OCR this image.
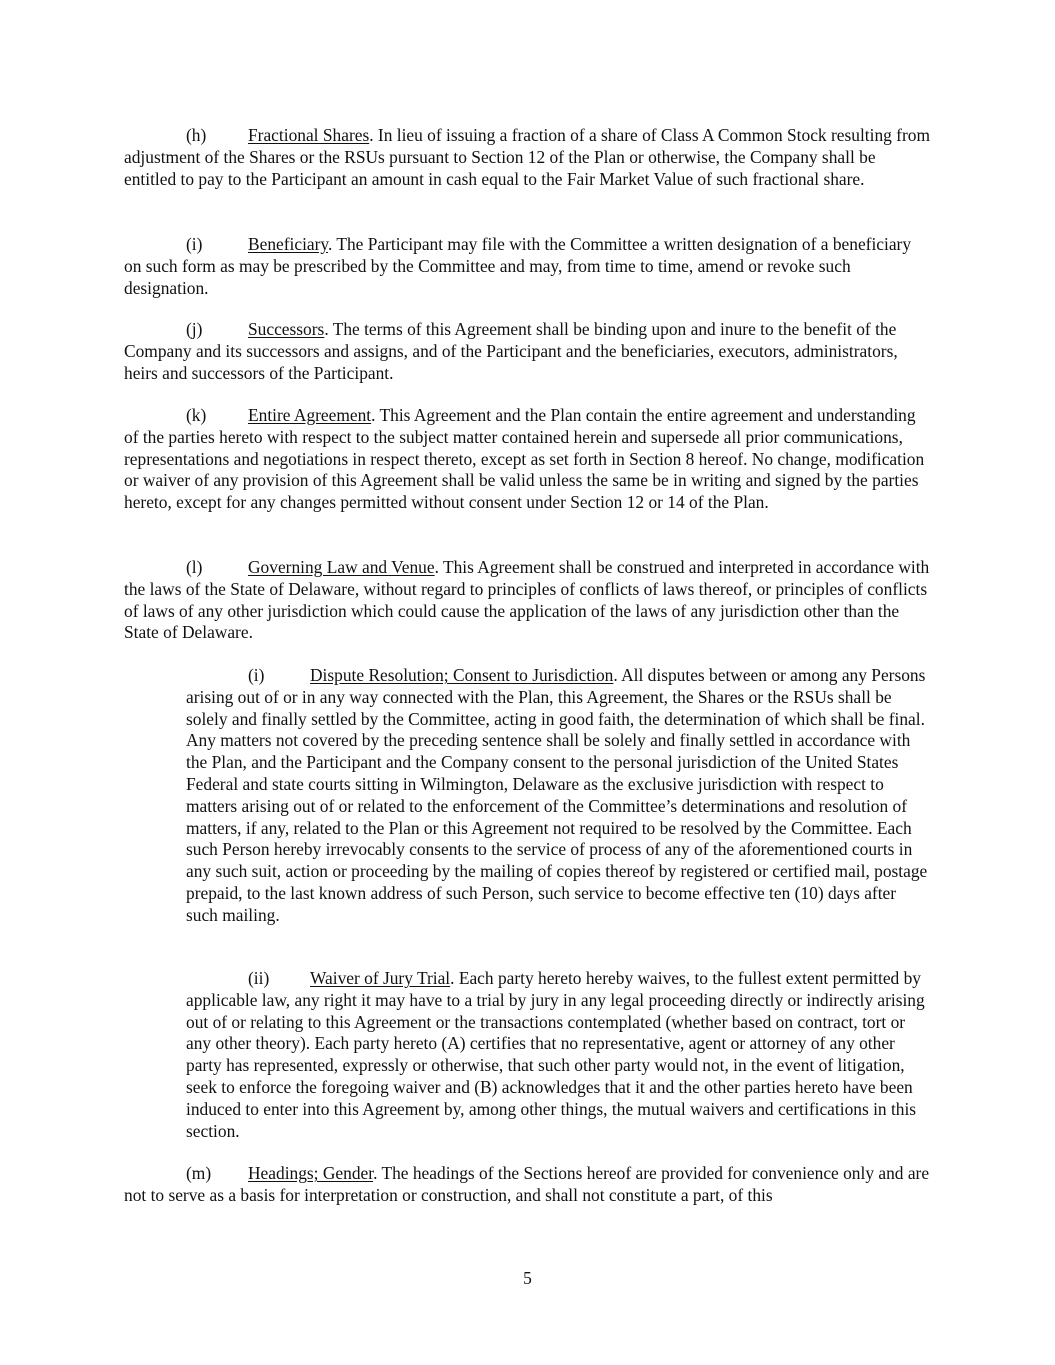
(h) Fractional Shares. In lieu of issuing a fraction of a share of Class A Common Stock resulting from adjustment of the Shares or the RSUs pursuant to Section 12 of the Plan or otherwise, the Company shall be entitled to pay to the Participant an amount in cash equal to the Fair Market Value of such fractional share.

(i)	Beneficiary. The Participant may file with the Committee a written designation of a beneficiary on such form as may be prescribed by the Committee and may, from time to time, amend or revoke such designation.

(j)	Successors. The terms of this Agreement shall be binding upon and inure to the benefit of the Company and its successors and assigns, and of the Participant and the beneficiaries, executors, administrators, heirs and successors of the Participant.

(k) Entire Agreement. This Agreement and the Plan contain the entire agreement and understanding of the parties hereto with respect to the subject matter contained herein and supersede all prior communications, representations and negotiations in respect thereto, except as set forth in Section 8 hereof. No change, modification or waiver of any provision of this Agreement shall be valid unless the same be in writing and signed by the parties hereto, except for any changes permitted without consent under Section 12 or 14 of the Plan.

(l)	Governing Law and Venue. This Agreement shall be construed and interpreted in accordance with the laws of the State of Delaware, without regard to principles of conflicts of laws thereof, or principles of conflicts of laws of any other jurisdiction which could cause the application of the laws of any jurisdiction other than the State of Delaware.

(i)	Dispute Resolution; Consent to Jurisdiction. All disputes between or among any Persons arising out of or in any way connected with the Plan, this Agreement, the Shares or the RSUs shall be solely and finally settled by the Committee, acting in good faith, the determination of which shall be final. Any matters not covered by the preceding sentence shall be solely and finally settled in accordance with the Plan, and the Participant and the Company consent to the personal jurisdiction of the United States Federal and state courts sitting in Wilmington, Delaware as the exclusive jurisdiction with respect to matters arising out of or related to the enforcement of the Committee’s determinations and resolution of matters, if any, related to the Plan or this Agreement not required to be resolved by the Committee. Each such Person hereby irrevocably consents to the service of process of any of the aforementioned courts in any such suit, action or proceeding by the mailing of copies thereof by registered or certified mail, postage prepaid, to the last known address of such Person, such service to become effective ten (10) days after such mailing.

(ii) Waiver of Jury Trial. Each party hereto hereby waives, to the fullest extent permitted by applicable law, any right it may have to a trial by jury in any legal proceeding directly or indirectly arising out of or relating to this Agreement or the transactions contemplated (whether based on contract, tort or any other theory). Each party hereto (A) certifies that no representative, agent or attorney of any other party has represented, expressly or otherwise, that such other party would not, in the event of litigation, seek to enforce the foregoing waiver and (B) acknowledges that it and the other parties hereto have been induced to enter into this Agreement by, among other things, the mutual waivers and certifications in this section.

(m) Headings; Gender. The headings of the Sections hereof are provided for convenience only and are not to serve as a basis for interpretation or construction, and shall not constitute a part, of this

5
